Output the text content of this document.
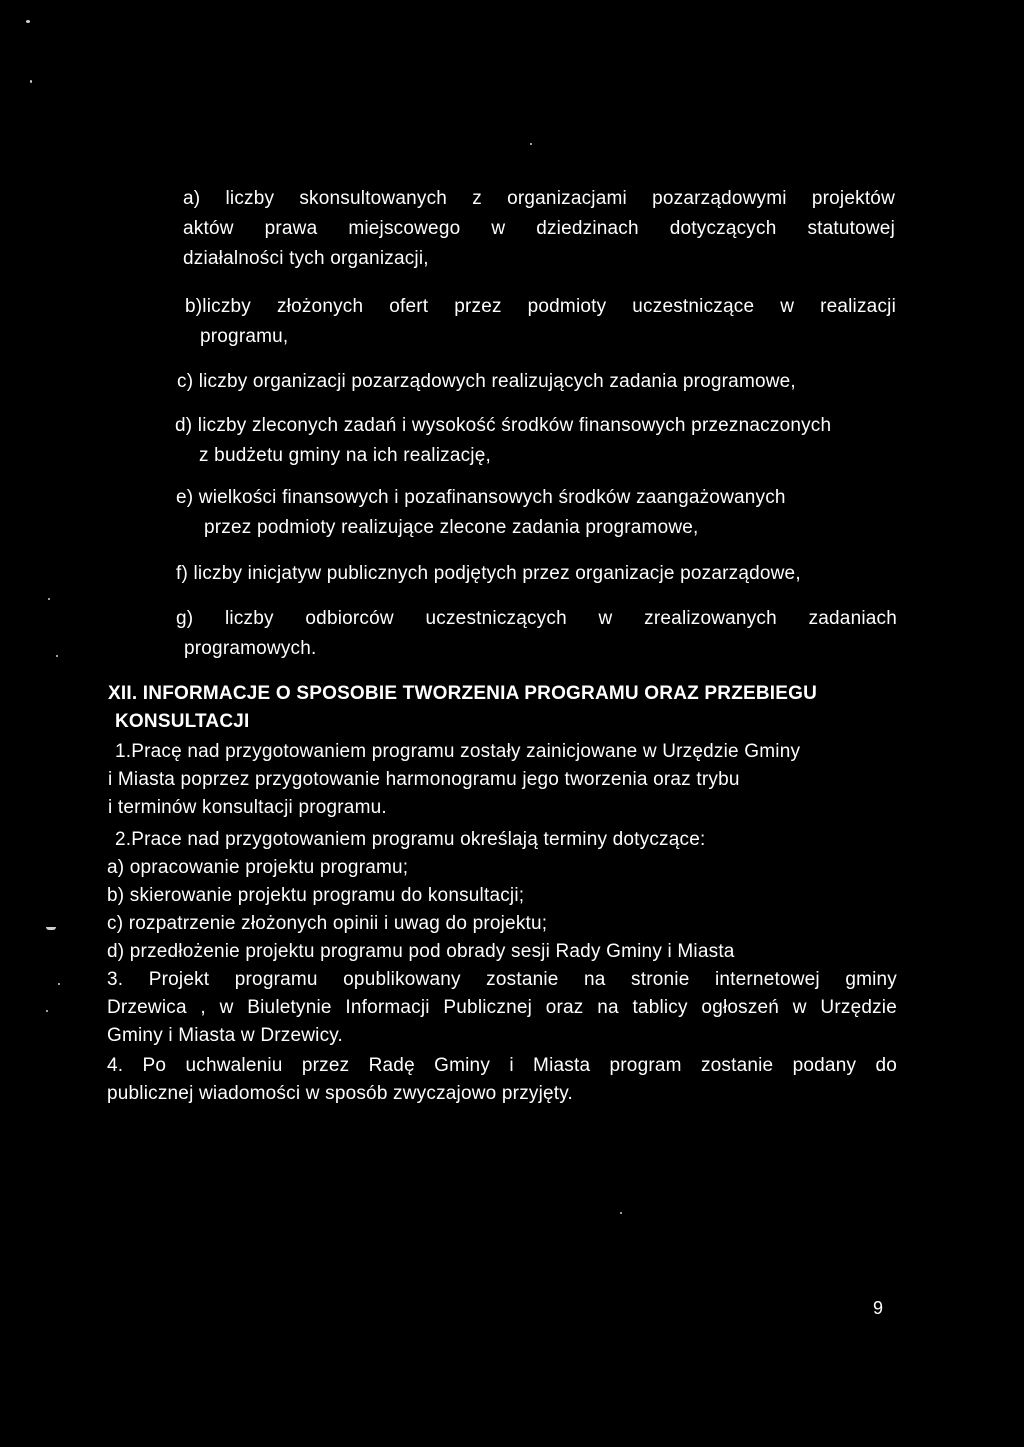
a) liczby skonsultowanych z organizacjami pozarządowymi projektów
aktów prawa miejscowego w dziedzinach dotyczących statutowej
działalności tych organizacji,
b)liczby złożonych ofert przez podmioty uczestniczące w realizacji
programu,
c) liczby organizacji pozarządowych realizujących zadania programowe,
d) liczby zleconych zadań i wysokość środków finansowych przeznaczonych
z budżetu gminy na ich realizację,
e) wielkości finansowych i pozafinansowych środków zaangażowanych
przez podmioty realizujące zlecone zadania programowe,
f) liczby inicjatyw publicznych podjętych przez organizacje pozarządowe,
g) liczby odbiorców uczestniczących w zrealizowanych zadaniach
programowych.
XII. INFORMACJE O SPOSOBIE TWORZENIA PROGRAMU ORAZ PRZEBIEGU
KONSULTACJI
1.Pracę nad przygotowaniem programu zostały zainicjowane w Urzędzie Gminy
i Miasta poprzez przygotowanie harmonogramu jego tworzenia oraz trybu
i terminów konsultacji programu.
2.Prace nad przygotowaniem programu określają terminy dotyczące:
a) opracowanie projektu programu;
b) skierowanie projektu programu do konsultacji;
c) rozpatrzenie złożonych opinii i uwag do projektu;
d) przedłożenie projektu programu pod obrady sesji Rady Gminy i Miasta
3. Projekt programu opublikowany zostanie na stronie internetowej gminy
Drzewica , w Biuletynie Informacji Publicznej oraz na tablicy ogłoszeń w Urzędzie
Gminy i Miasta w Drzewicy.
4. Po uchwaleniu przez Radę Gminy i Miasta program zostanie podany do
publicznej wiadomości w sposób zwyczajowo przyjęty.
9
